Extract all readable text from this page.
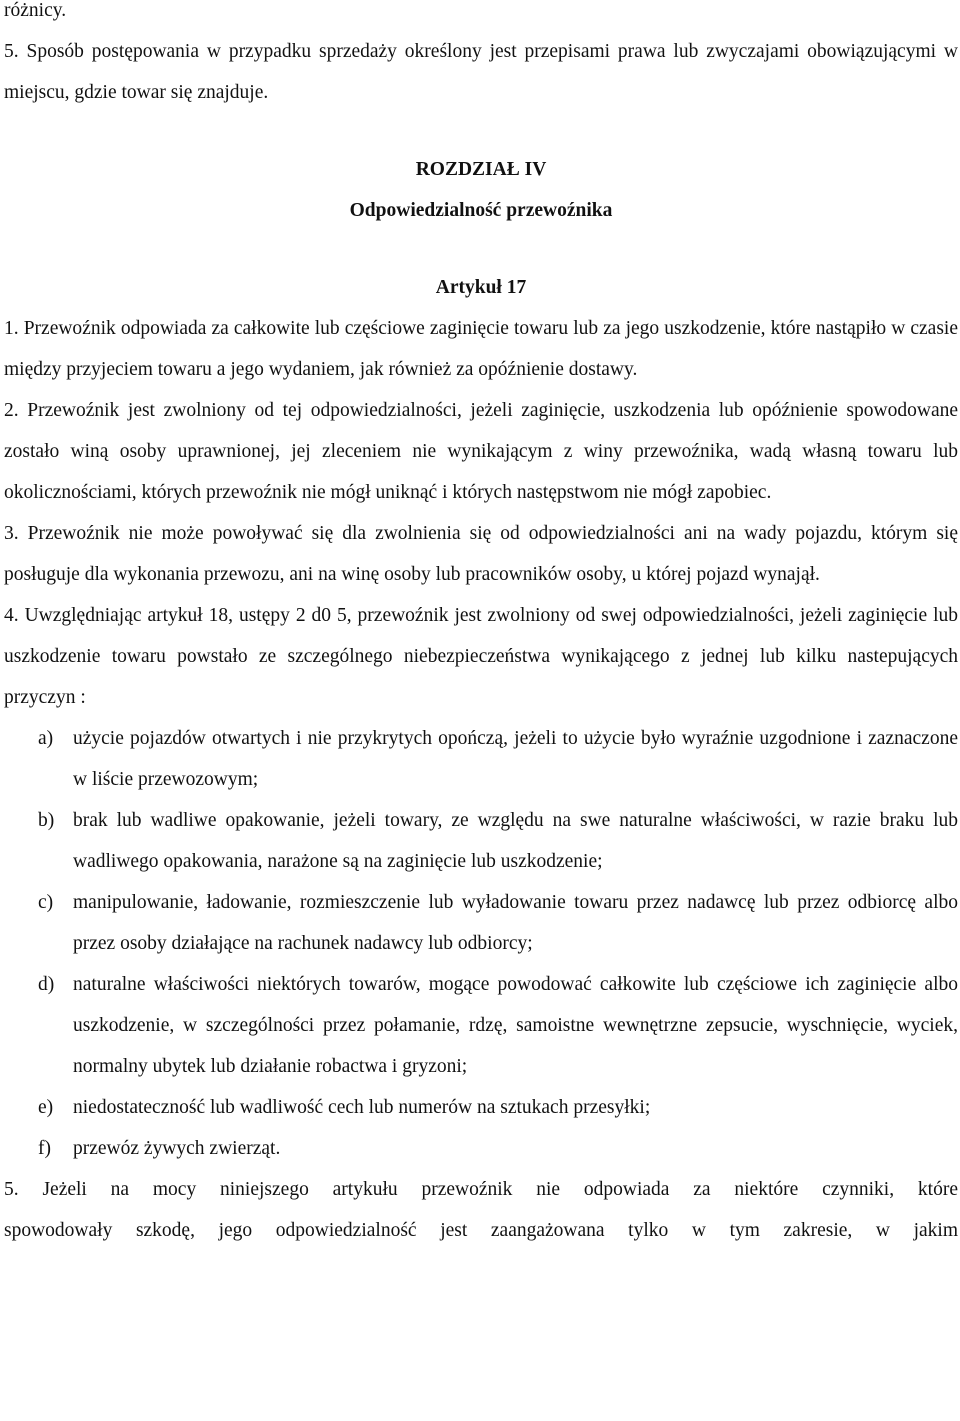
różnicy.

5. Sposób postępowania w przypadku sprzedaży określony jest przepisami prawa lub zwyczajami obowiązującymi w miejscu, gdzie towar się znajduje.

ROZDZIAŁ IV

Odpowiedzialność przewoźnika

Artykuł 17

1. Przewoźnik odpowiada za całkowite lub częściowe zaginięcie towaru lub za jego uszkodzenie, które nastąpiło w czasie między przyjeciem towaru a jego wydaniem, jak również za opóźnienie dostawy.

2. Przewoźnik jest zwolniony od tej odpowiedzialności, jeżeli zaginięcie, uszkodzenia lub opóźnienie spowodowane zostało winą osoby uprawnionej, jej zleceniem nie wynikającym z winy przewoźnika, wadą własną towaru lub okolicznościami, których przewoźnik nie mógł uniknąć i których następstwom nie mógł zapobiec.

3. Przewoźnik nie może powoływać się dla zwolnienia się od odpowiedzialności ani na wady pojazdu, którym się posługuje dla wykonania przewozu, ani na winę osoby lub pracowników osoby, u której pojazd wynajął.

4. Uwzględniając artykuł 18, ustępy 2 d0 5, przewoźnik jest zwolniony od swej odpowiedzialności, jeżeli zaginięcie lub uszkodzenie towaru powstało ze szczególnego niebezpieczeństwa wynikającego z jednej lub kilku nastepujących przyczyn :

a)	użycie pojazdów otwartych i nie przykrytych opończą, jeżeli to użycie było wyraźnie uzgodnione i zaznaczone w liście przewozowym;
b) brak lub wadliwe opakowanie, jeżeli towary, ze względu na swe naturalne właściwości, w razie braku lub wadliwego opakowania, narażone są na zaginięcie lub uszkodzenie;
c)	manipulowanie, ładowanie, rozmieszczenie lub wyładowanie towaru przez nadawcę lub przez odbiorcę albo przez osoby działające na rachunek nadawcy lub odbiorcy;
d) naturalne właściwości niektórych towarów, mogące powodować całkowite lub częściowe ich zaginięcie albo uszkodzenie, w szczególności przez połamanie, rdzę, samoistne wewnętrzne zepsucie, wyschnięcie, wyciek, normalny ubytek lub działanie robactwa i gryzoni;
e)	niedostateczność lub wadliwość cech lub numerów na sztukach przesyłki;
f)	przewóz żywych zwierząt.

5. Jeżeli na mocy niniejszego artykułu przewoźnik nie odpowiada za niektóre czynniki, które

spowodowały szkodę, jego odpowiedzialność jest zaangażowana tylko w tym zakresie, w jakim
